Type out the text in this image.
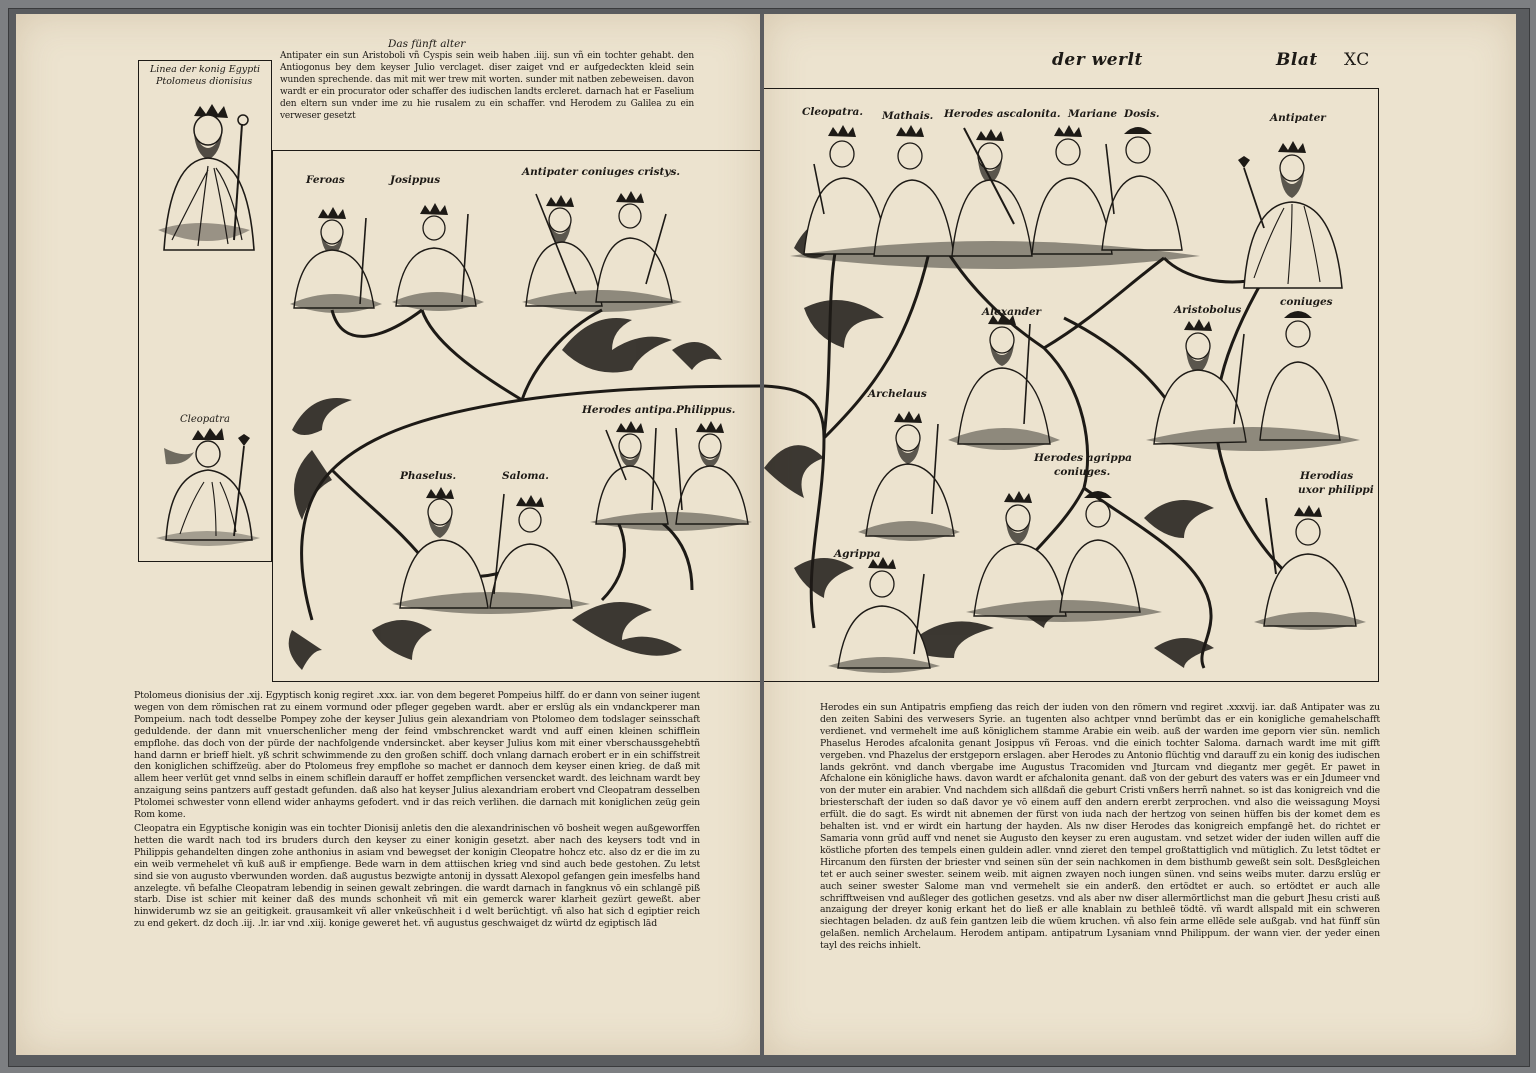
Linea der konig Egypti
Ptolomeus dionisius
Cleopatra
Das fünft alter

Antipater ein sun Aristoboli vñ Cyspis sein weib haben .iiij. sun vñ ein tochter gehabt. den Antiogonus bey dem keyser Julio verclaget. diser zaiget vnd er aufgedeckten kleid sein wunden sprechende. das mit mit wer trew mit worten. sunder mit natben zebeweisen. davon wardt er ein procurator oder schaffer des iudischen landts ercleret. darnach hat er Faselium den eltern sun vnder ime zu hie rusalem zu ein schaffer. vnd Herodem zu Galilea zu ein verweser gesetzt

Feroas	Josippus
Antipater coniuges cristys.
Herodes antipa. Philippus.
Phaselus.	Saloma.

Ptolomeus dionisius der .xij. Egyptisch konig regiret .xxx. iar. von dem begeret Pompeius hilff. do er dann von seiner iugent wegen von dem römischen rat zu einem vormund oder pfleger gegeben wardt. aber er erslüg als ein vndanckperer man Pompeium. nach todt desselbe Pompey zohe der keyser Julius gein alexandriam von Ptolomeo dem todslager seinsschaft geduldende. der dann mit vnuerschenlicher meng der feind vmbschrencket wardt vnd auff einen kleinen schifflein empflohe. das doch von der pürde der nachfolgende vndersincket. aber keyser Julius kom mit einer vberschaussgehebtñ hand darnn er brieff hielt. yß schrit schwimmende zu den großen schiff. doch vnlang darnach erobert er in ein schiffstreit den koniglichen schiffzeüg. aber do Ptolomeus frey empflohe so machet er dannoch dem keyser einen krieg. de daß mit allem heer verlüt get vnnd selbs in einem schiflein darauff er hoffet zempflichen versencket wardt. des leichnam wardt bey anzaigung seins pantzers auff gestadt gefunden. daß also hat keyser Julius alexandriam erobert vnd Cleopatram desselben Ptolomei schwester vonn ellend wider anhayms gefodert. vnd ir das reich verlihen. die darnach mit koniglichen zeüg gein Rom kome.

Cleopatra ein Egyptische konigin was ein tochter Dionisij anletis den die alexandrinischen vō bosheit wegen außgeworffen hetten die wardt nach tod irs bruders durch den keyser zu einer konigin gesetzt. aber nach des keysers todt vnd in Philippis gehandelten dingen zohe anthonius in asiam vnd bewegset der konigin Cleopatre hohcz etc. also dz er die im zu ein weib vermehelet vñ kuß auß ir empfienge. Bede warn in dem attiischen krieg vnd sind auch bede gestohen. Zu letst sind sie von augusto vberwunden worden. daß augustus bezwigte antonij in dyssatt Alexopol gefangen gein imesfelbs hand anzelegte. vñ befalhe Cleopatram lebendig in seinen gewalt zebringen. die wardt darnach in fangknus vō ein schlangē piß starb. Dise ist schier mit keiner daß des munds schonheit vñ mit ein gemerck warer klarheit gezürt geweßt. aber hinwiderumb wz sie an geitigkeit. grausamkeit vñ aller vnkeüschheit i d welt berüchtigt. vñ also hat sich d egiptier reich zu end gekert. dz doch .iij. .lr. iar vnd .xiij. konige geweret het. vñ augustus geschwaiget dz würtd dz egiptisch lād

der werlt	Blat XC
Cleopatra. Mathais. Herodes ascalonita. Mariane Dosis.	Antipater
Alexander	Aristobolus
coniuges
Archelaus
Herodes agrippa
coniuges.	Herodias
uxor philippi
Agrippa

Herodes ein sun Antipatris empfieng das reich der iuden von den römern vnd regiret .xxxvij. iar. daß Antipater was zu den zeiten Sabini des verwesers Syrie. an tugenten also achtper vnnd berümbt das er ein konigliche gemahelschafft verdienet. vnd vermehelt ime auß königlichem stamme Arabie ein weib. auß der warden ime geporn vier sün. nemlich Phaselus Herodes afcalonita genant Josippus vñ Feroas. vnd die einich tochter Saloma. darnach wardt ime mit gifft vergeben. vnd Phazelus der erstgeporn erslagen. aber Herodes zu Antonio flüchtig vnd darauff zu ein konig des iudischen lands gekrönt. vnd danch vbergabe ime Augustus Tracomiden vnd Jturcam vnd diegantz mer gegēt. Er pawet in Afchalone ein königliche haws. davon wardt er afchalonita genant. daß von der geburt des vaters was er ein Jdumeer vnd von der muter ein arabier. Vnd nachdem sich allßdañ die geburt Cristi vnßers herrñ nahnet. so ist das konigreich vnd die briesterschaft der iuden so daß davor ye vō einem auff den andern ererbt zerprochen. vnd also die weissagung Moysi erfült. die do sagt. Es wirdt nit abnemen der fürst von iuda nach der hertzog von seinen hüffen bis der komet dem es behalten ist. vnd er wirdt ein hartung der hayden. Als nw diser Herodes das konigreich empfangē het. do richtet er Samaria vonn grūd auff vnd nenet sie Augusto den keyser zu eren augustam. vnd setzet wider der iuden willen auff die köstliche pforten des tempels einen guldein adler. vnnd zieret den tempel großtattiglich vnd mütiglich. Zu letst tödtet er Hircanum den fürsten der briester vnd seinen sün der sein nachkomen in dem bisthumb geweßt sein solt. Desßgleichen tet er auch seiner swester. seinem weib. mit aignen zwayen noch iungen sünen. vnd seins weibs muter. darzu erslūg er auch seiner swester Salome man vnd vermehelt sie ein anderß. den ertödtet er auch. so ertödtet er auch alle schrifftweisen vnd außleger des gotlichen gesetzs. vnd als aber nw diser allermörtlichst man die geburt Jhesu cristi auß anzaigung der dreyer konig erkant het do ließ er alle knablain zu bethleē tödtē. vñ wardt allspald mit ein schweren siechtagen beladen. dz auß fein gantzen leib die wüem kruchen. vñ also fein arme ellēde sele außgab. vnd hat fünff sün gelaßen. nemlich Archelaum. Herodem antipam. antipatrum Lysaniam vnnd Philippum. der wann vier. der yeder einen tayl des reichs inhielt.
